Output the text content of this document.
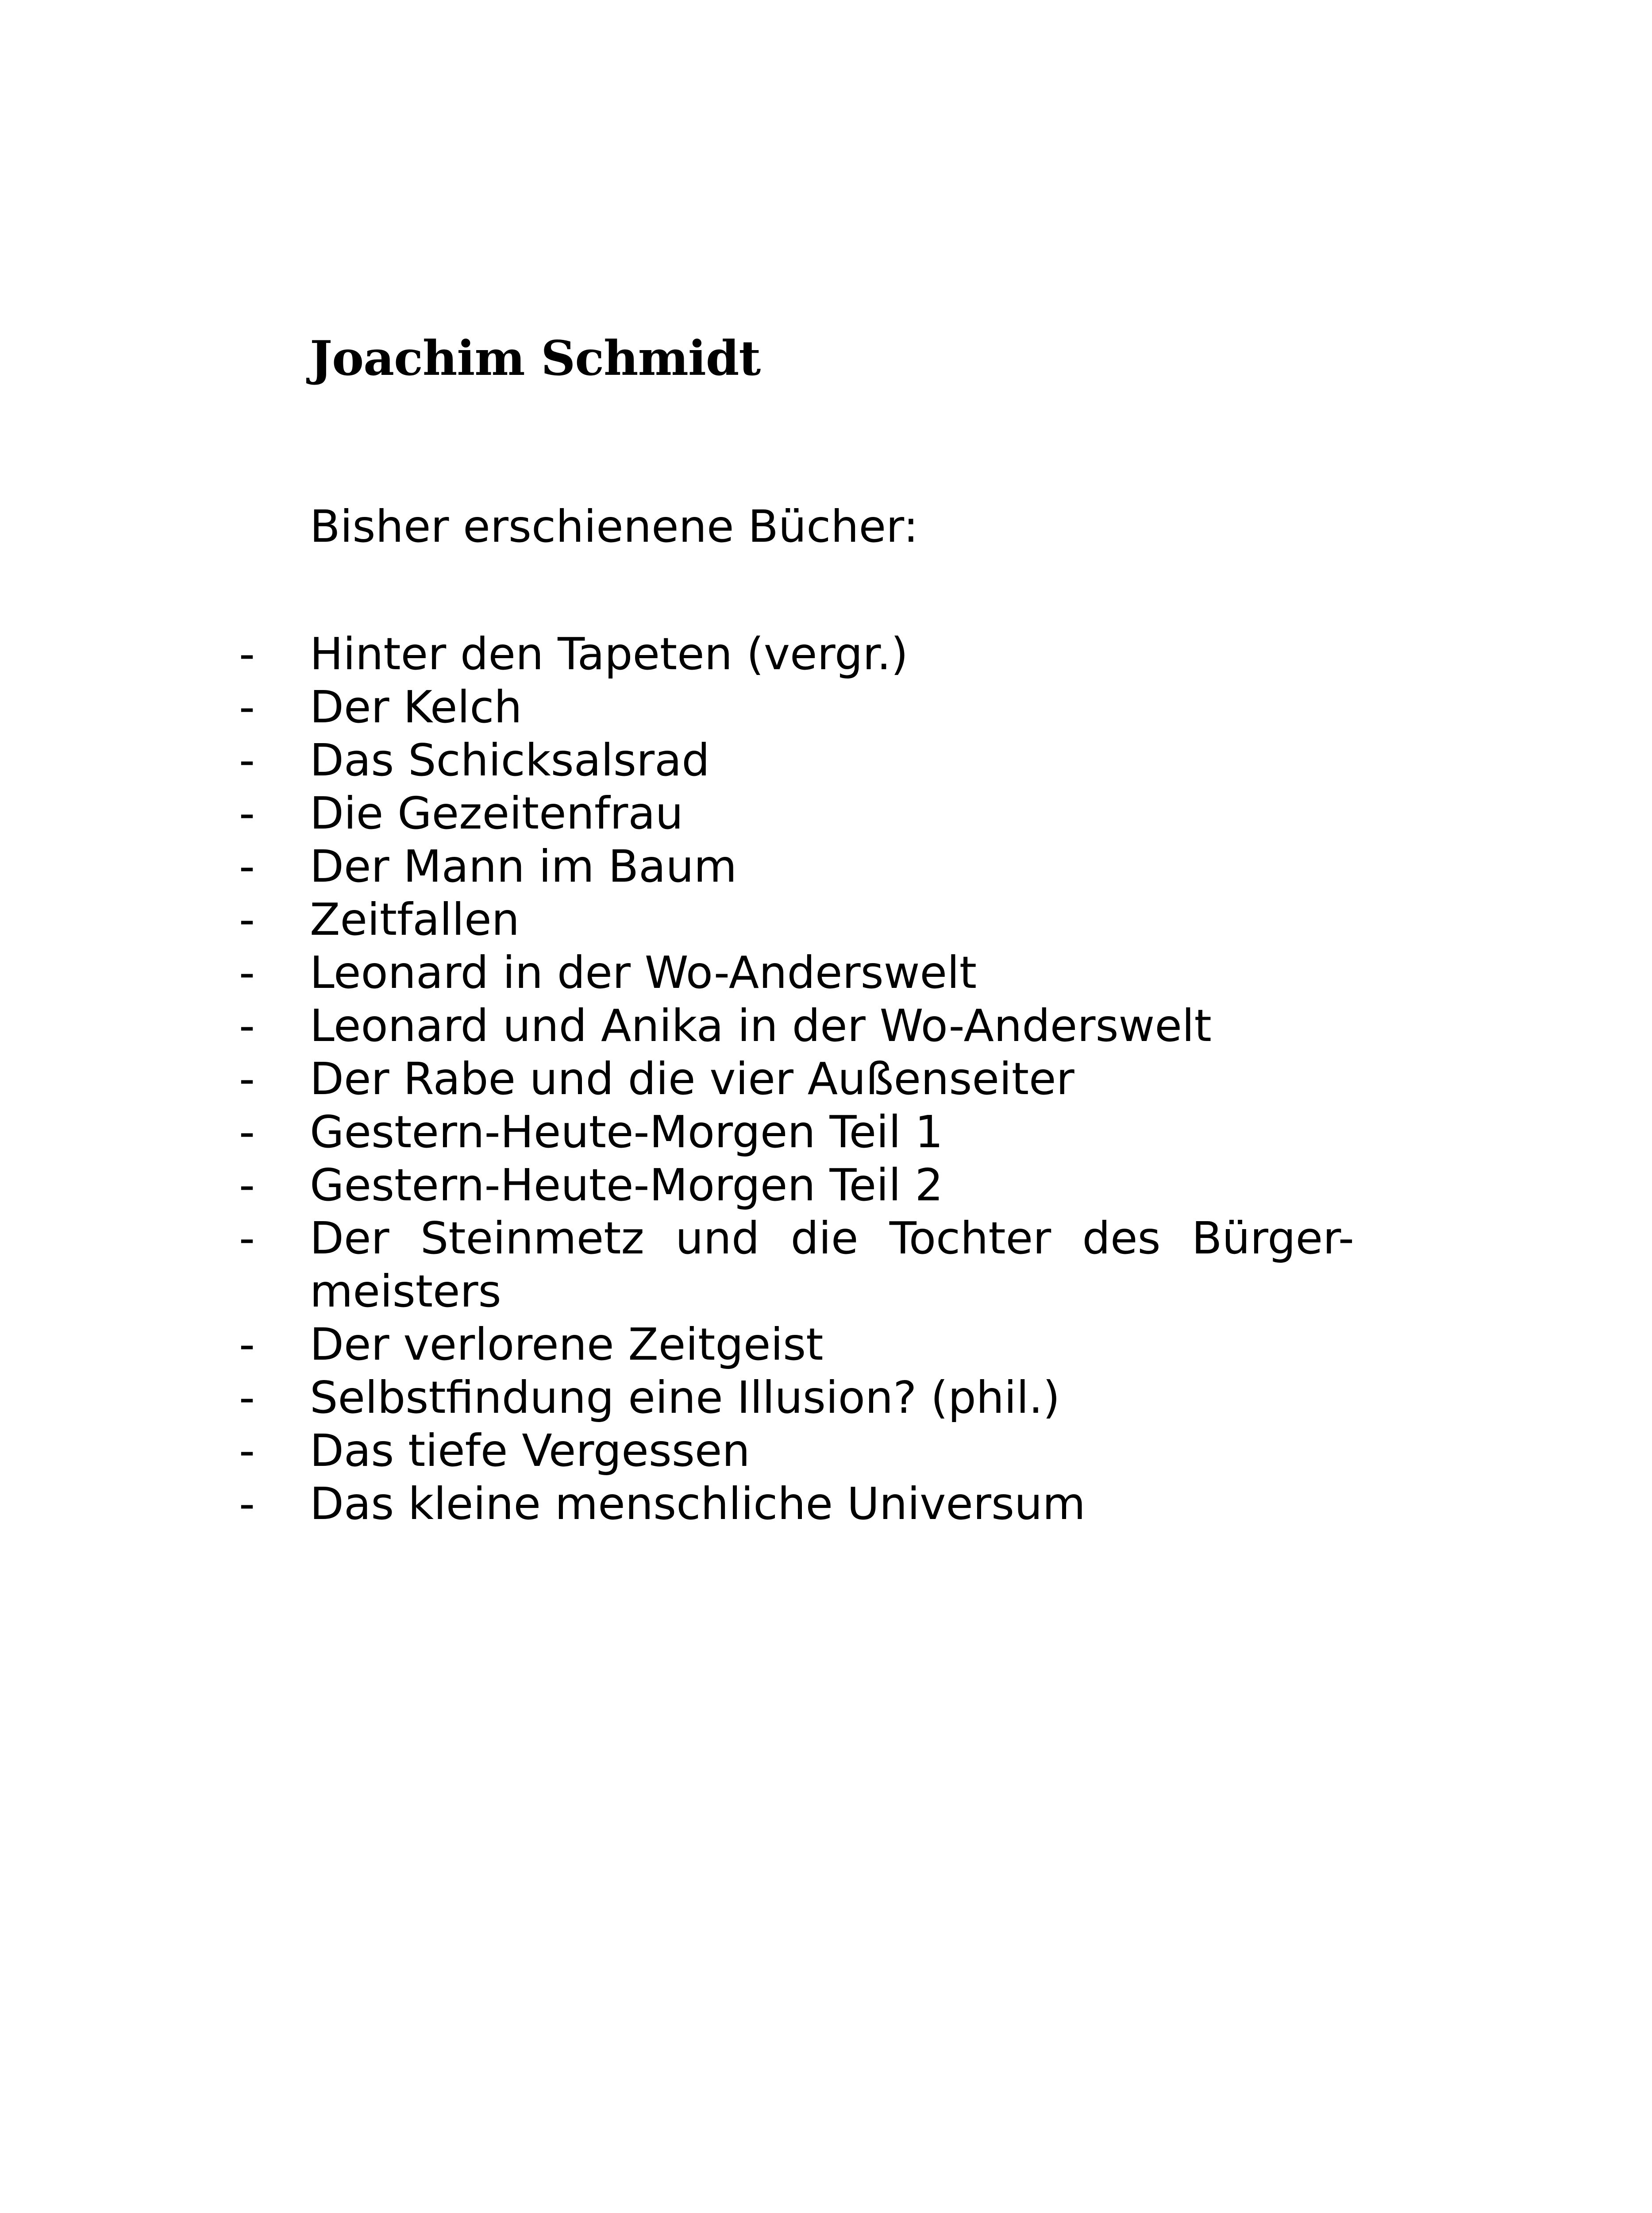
Joachim Schmidt

Bisher erschienene Bücher:

- Hinter den Tapeten (vergr.)
- Der Kelch
- Das Schicksalsrad
- Die Gezeitenfrau
- Der Mann im Baum
- Zeitfallen
- Leonard in der Wo-Anderswelt
- Leonard und Anika in der Wo-Anderswelt
- Der Rabe und die vier Außenseiter
- Gestern-Heute-Morgen Teil 1
- Gestern-Heute-Morgen Teil 2
- Der Steinmetz und die Tochter des Bürger- meisters
- Der verlorene Zeitgeist
- Selbstfindung eine Illusion? (phil.)
- Das tiefe Vergessen
- Das kleine menschliche Universum
